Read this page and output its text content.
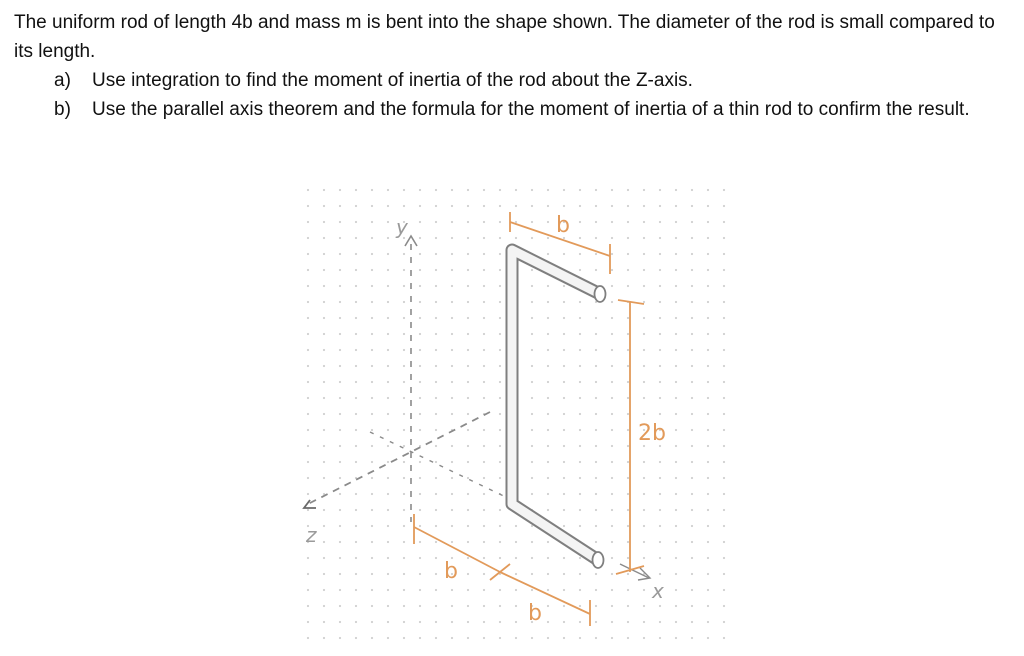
The uniform rod of length 4b and mass m is bent into the shape shown. The diameter of the rod is small compared to its length.

a) Use integration to find the moment of inertia of the rod about the Z-axis.
b) Use the parallel axis theorem and the formula for the moment of inertia of a thin rod to confirm the result.
y
z
x
b
2b
b
b
